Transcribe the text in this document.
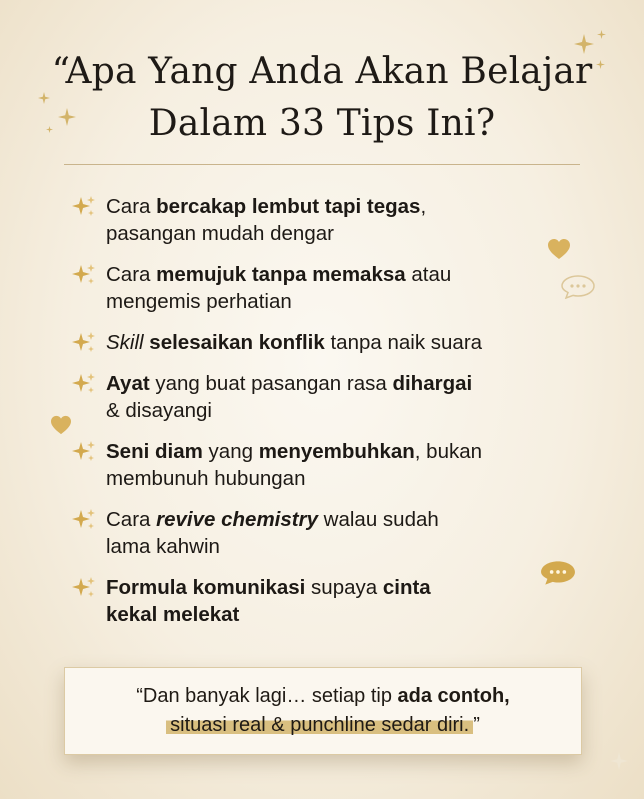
“Apa Yang Anda Akan Belajar
Dalam 33 Tips Ini?
Cara bercakap lembut tapi tegas,
pasangan mudah dengar
Cara memujuk tanpa memaksa atau
mengemis perhatian
Skill selesaikan konflik tanpa naik suara
Ayat yang buat pasangan rasa dihargai
& disayangi
Seni diam yang menyembuhkan, bukan
membunuh hubungan
Cara revive chemistry walau sudah
lama kahwin
Formula komunikasi supaya cinta
kekal melekat
“Dan banyak lagi… setiap tip ada contoh,
situasi real & punchline sedar diri. ”
